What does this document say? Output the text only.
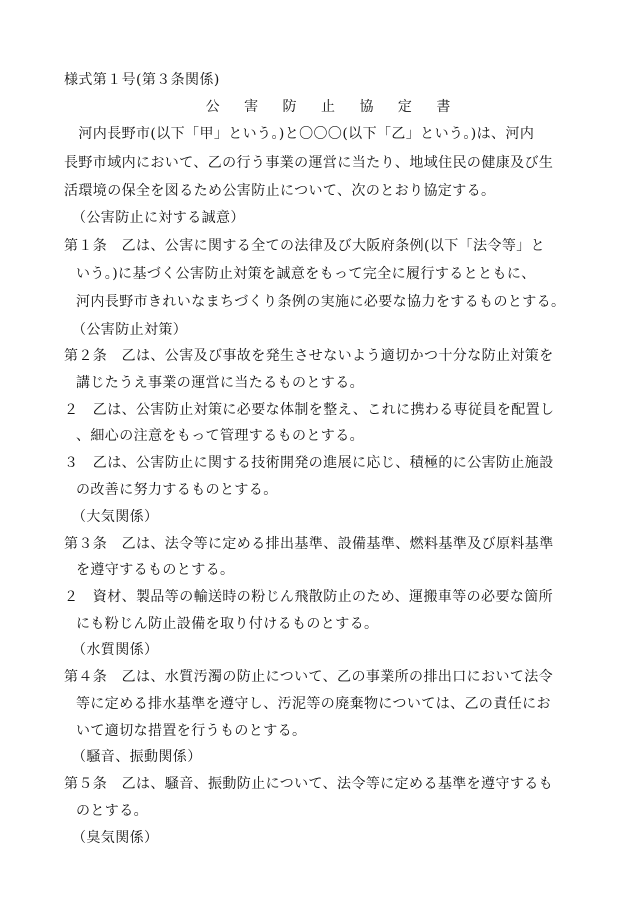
様式第１号(第３条関係)
公 害 防 止 協 定 書
　河内長野市(以下「甲」という。)と〇〇〇(以下「乙」という。)は、河内
長野市域内において、乙の行う事業の運営に当たり、地域住民の健康及び生
活環境の保全を図るため公害防止について、次のとおり協定する。
（公害防止に対する誠意）
第１条　乙は、公害に関する全ての法律及び大阪府条例(以下「法令等」と
いう。)に基づく公害防止対策を誠意をもって完全に履行するとともに、
河内長野市きれいなまちづくり条例の実施に必要な協力をするものとする。
（公害防止対策）
第２条　乙は、公害及び事故を発生させないよう適切かつ十分な防止対策を
講じたうえ事業の運営に当たるものとする。
２　乙は、公害防止対策に必要な体制を整え、これに携わる専従員を配置し
、細心の注意をもって管理するものとする。
３　乙は、公害防止に関する技術開発の進展に応じ、積極的に公害防止施設
の改善に努力するものとする。
（大気関係）
第３条　乙は、法令等に定める排出基準、設備基準、燃料基準及び原料基準
を遵守するものとする。
２　資材、製品等の輸送時の粉じん飛散防止のため、運搬車等の必要な箇所
にも粉じん防止設備を取り付けるものとする。
（水質関係）
第４条　乙は、水質汚濁の防止について、乙の事業所の排出口において法令
等に定める排水基準を遵守し、汚泥等の廃棄物については、乙の責任にお
いて適切な措置を行うものとする。
（騒音、振動関係）
第５条　乙は、騒音、振動防止について、法令等に定める基準を遵守するも
のとする。
（臭気関係）
